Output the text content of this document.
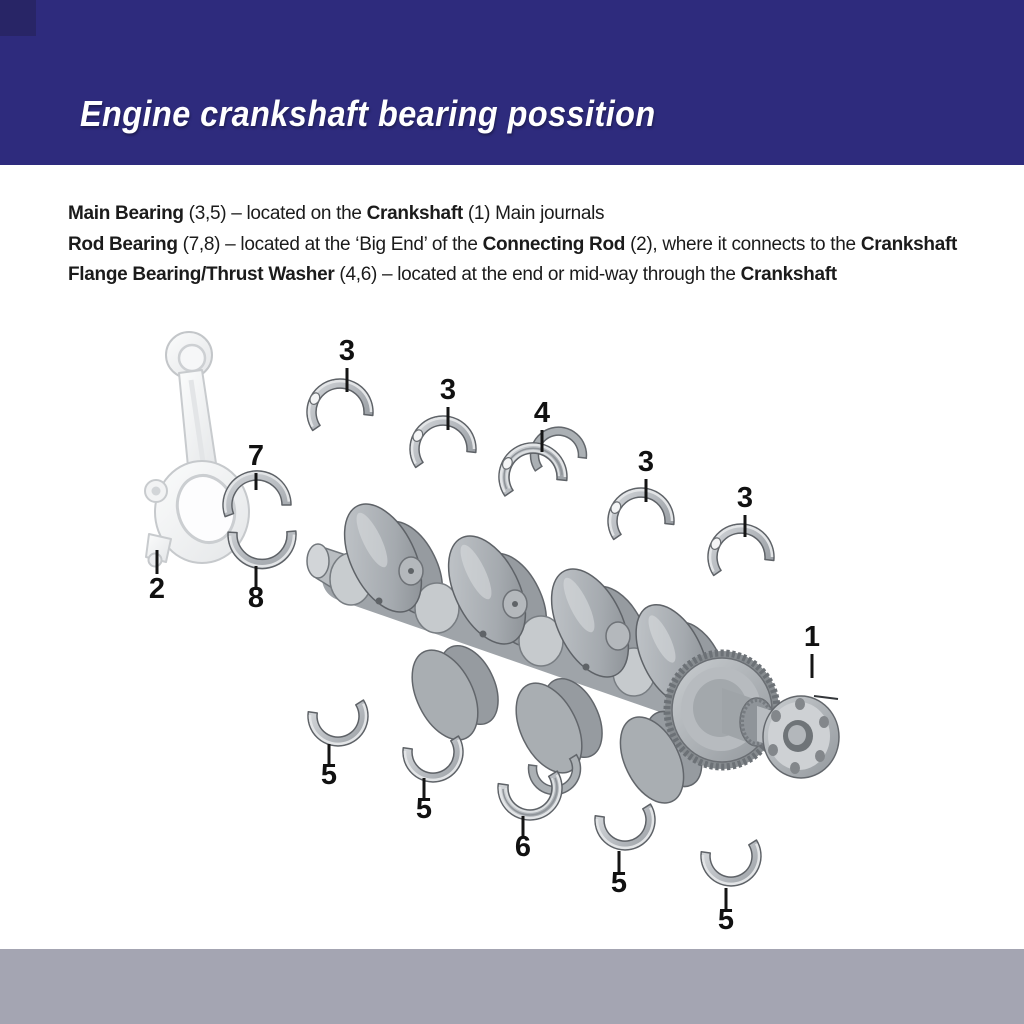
Engine crankshaft bearing possition
Main Bearing (3,5) – located on the Crankshaft (1) Main journals
Rod Bearing (7,8) – located at the ‘Big End’ of the Connecting Rod (2), where it connects to the Crankshaft
Flange Bearing/Thrust Washer (4,6) – located at the end or mid-way through the Crankshaft
1
2
3
3
3
3
4
7
8
5
5
6
5
5
